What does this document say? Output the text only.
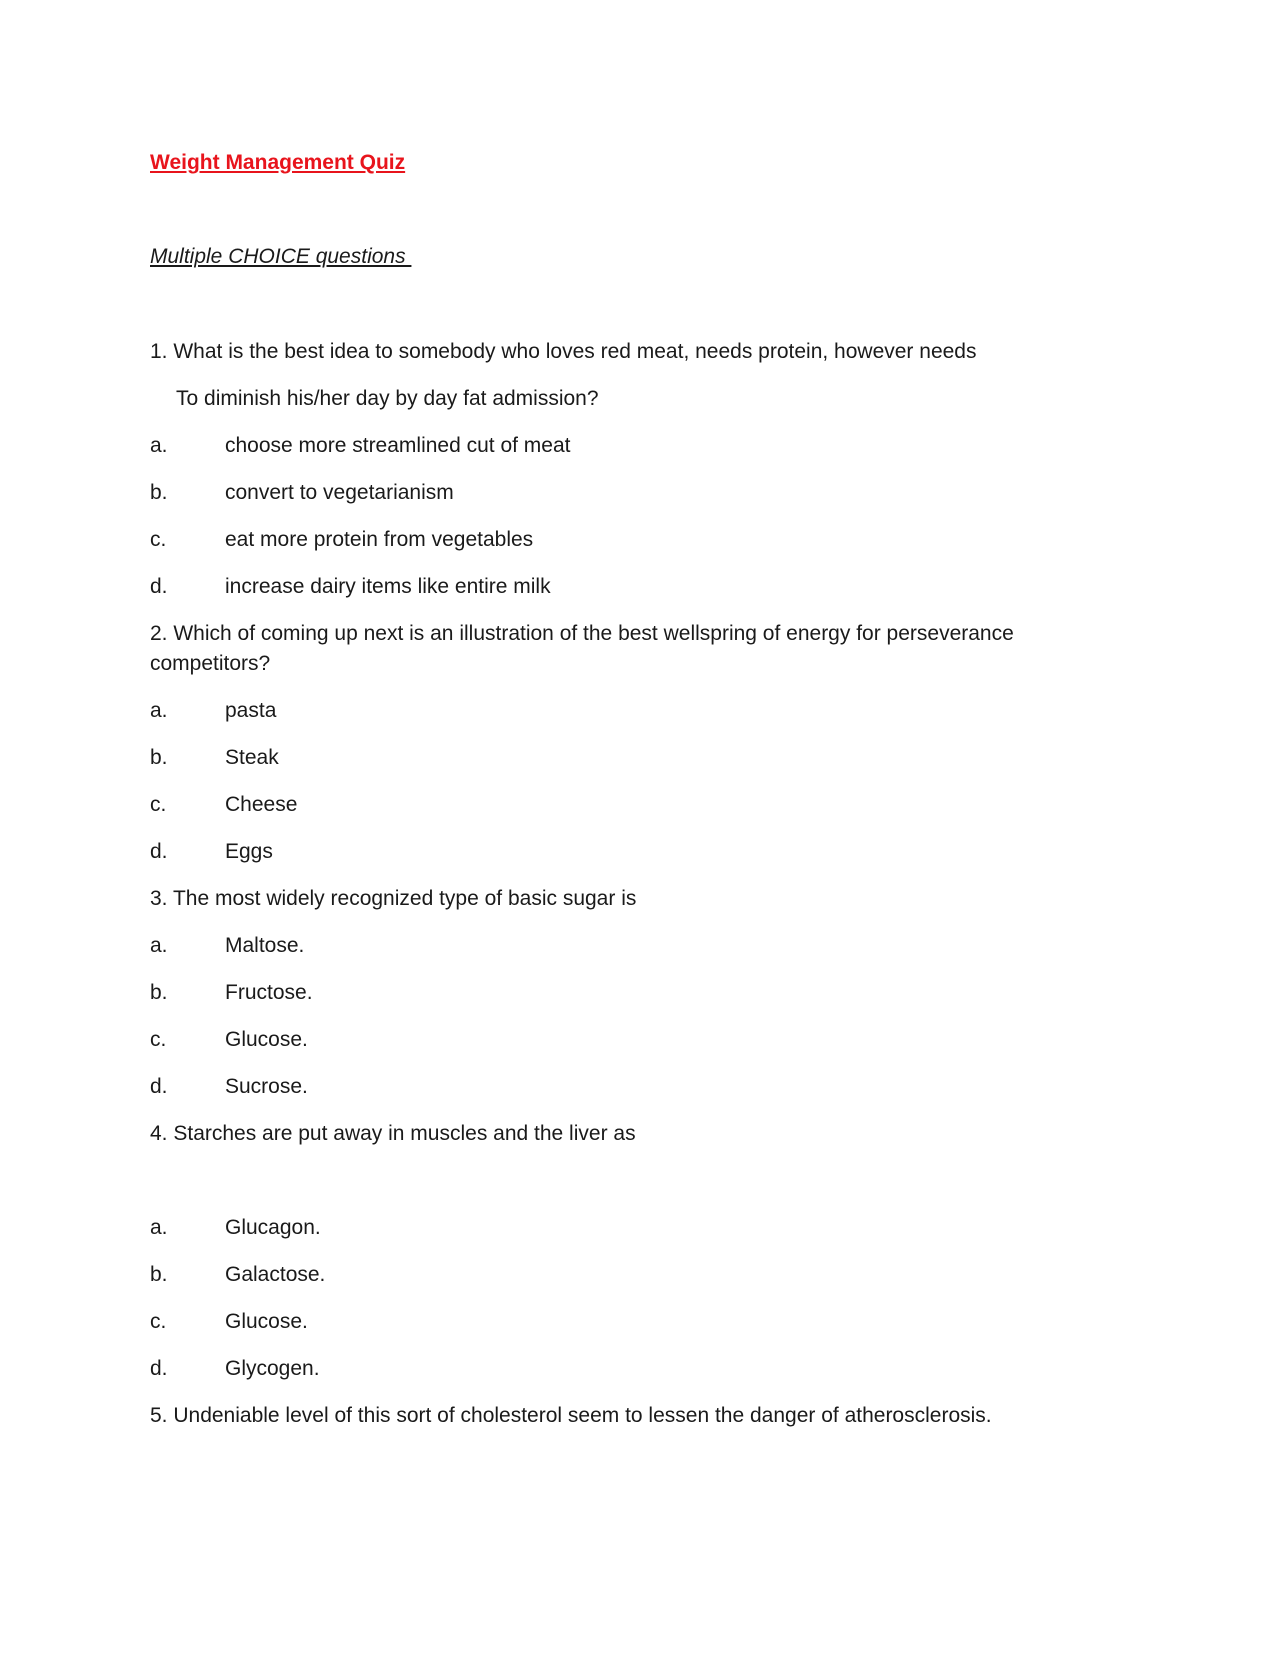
Weight Management Quiz
Multiple CHOICE questions
1. What is the best idea to somebody who loves red meat, needs protein, however needs
To diminish his/her day by day fat admission?
a.	choose more streamlined cut of meat
b.	convert to vegetarianism
c.	eat more protein from vegetables
d.	increase dairy items like entire milk
2. Which of coming up next is an illustration of the best wellspring of energy for perseverance
competitors?
a.	pasta
b.	Steak
c.	Cheese
d.	Eggs
3. The most widely recognized type of basic sugar is
a.	Maltose.
b.	Fructose.
c.	Glucose.
d.	Sucrose.
4. Starches are put away in muscles and the liver as
a.	Glucagon.
b.	Galactose.
c.	Glucose.
d.	Glycogen.
5. Undeniable level of this sort of cholesterol seem to lessen the danger of atherosclerosis.
